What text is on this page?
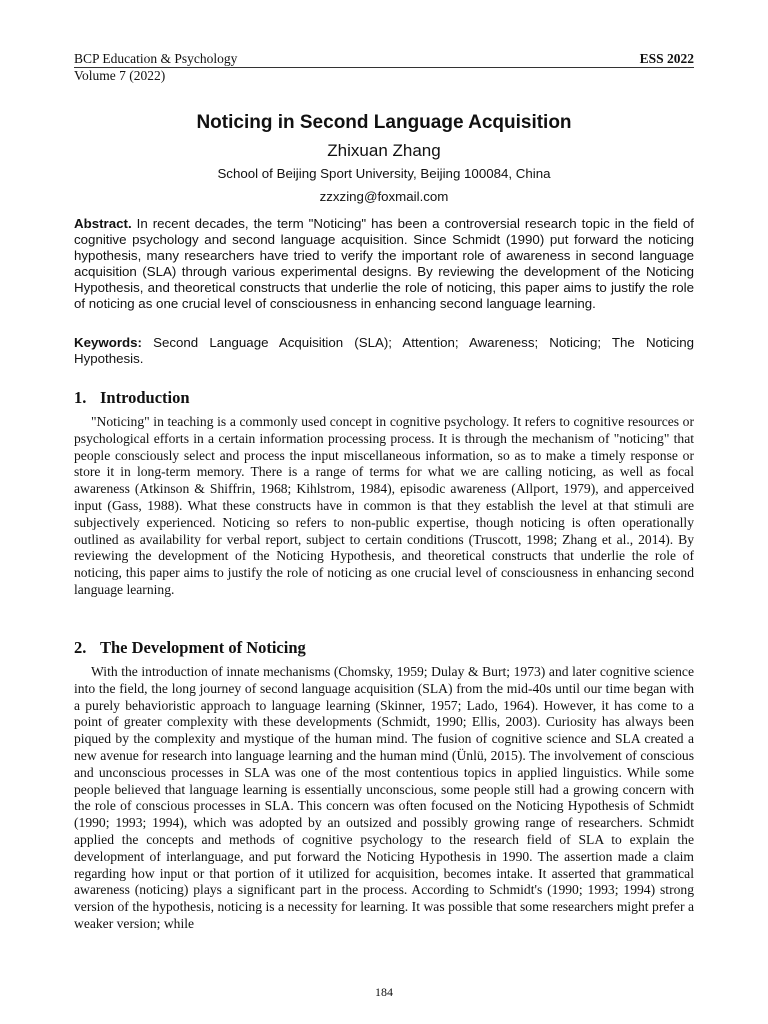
BCP Education & Psychology	ESS 2022
Volume 7 (2022)
Noticing in Second Language Acquisition
Zhixuan Zhang
School of Beijing Sport University, Beijing 100084, China
zzxzing@foxmail.com

Abstract. In recent decades, the term "Noticing" has been a controversial research topic in the field of cognitive psychology and second language acquisition. Since Schmidt (1990) put forward the noticing hypothesis, many researchers have tried to verify the important role of awareness in second language acquisition (SLA) through various experimental designs. By reviewing the development of the Noticing Hypothesis, and theoretical constructs that underlie the role of noticing, this paper aims to justify the role of noticing as one crucial level of consciousness in enhancing second language learning.

Keywords: Second Language Acquisition (SLA); Attention; Awareness; Noticing; The Noticing Hypothesis.

1. Introduction

"Noticing" in teaching is a commonly used concept in cognitive psychology. It refers to cognitive resources or psychological efforts in a certain information processing process. It is through the mechanism of "noticing" that people consciously select and process the input miscellaneous information, so as to make a timely response or store it in long-term memory. There is a range of terms for what we are calling noticing, as well as focal awareness (Atkinson & Shiffrin, 1968; Kihlstrom, 1984), episodic awareness (Allport, 1979), and apperceived input (Gass, 1988). What these constructs have in common is that they establish the level at that stimuli are subjectively experienced. Noticing so refers to non-public expertise, though noticing is often operationally outlined as availability for verbal report, subject to certain conditions (Truscott, 1998; Zhang et al., 2014). By reviewing the development of the Noticing Hypothesis, and theoretical constructs that underlie the role of noticing, this paper aims to justify the role of noticing as one crucial level of consciousness in enhancing second language learning.

2. The Development of Noticing

With the introduction of innate mechanisms (Chomsky, 1959; Dulay & Burt; 1973) and later cognitive science into the field, the long journey of second language acquisition (SLA) from the mid-40s until our time began with a purely behavioristic approach to language learning (Skinner, 1957; Lado, 1964). However, it has come to a point of greater complexity with these developments (Schmidt, 1990; Ellis, 2003). Curiosity has always been piqued by the complexity and mystique of the human mind. The fusion of cognitive science and SLA created a new avenue for research into language learning and the human mind (Ünlü, 2015). The involvement of conscious and unconscious processes in SLA was one of the most contentious topics in applied linguistics. While some people believed that language learning is essentially unconscious, some people still had a growing concern with the role of conscious processes in SLA. This concern was often focused on the Noticing Hypothesis of Schmidt (1990; 1993; 1994), which was adopted by an outsized and possibly growing range of researchers. Schmidt applied the concepts and methods of cognitive psychology to the research field of SLA to explain the development of interlanguage, and put forward the Noticing Hypothesis in 1990. The assertion made a claim regarding how input or that portion of it utilized for acquisition, becomes intake. It asserted that grammatical awareness (noticing) plays a significant part in the process. According to Schmidt's (1990; 1993; 1994) strong version of the hypothesis, noticing is a necessity for learning. It was possible that some researchers might prefer a weaker version; while

184
